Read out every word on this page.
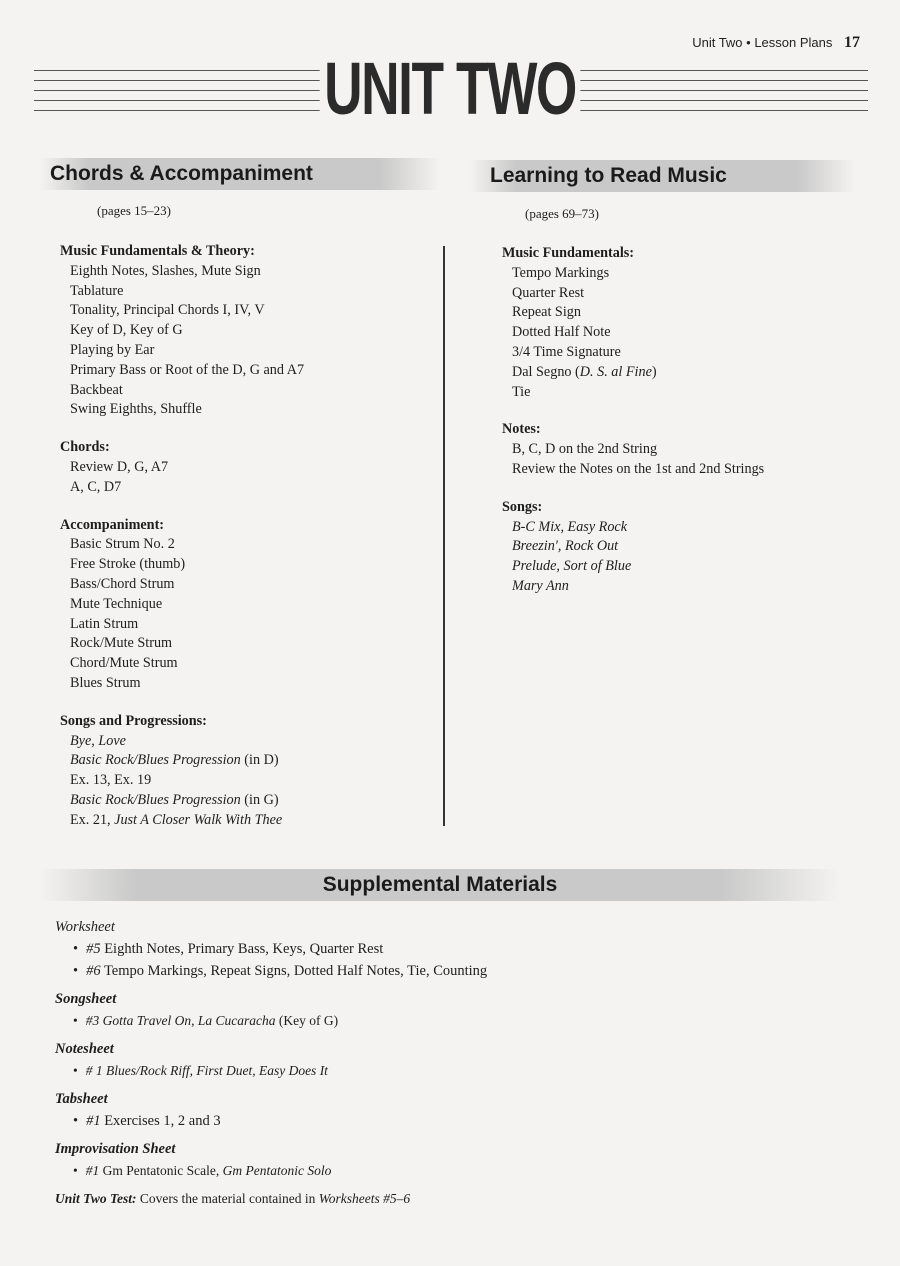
Unit Two • Lesson Plans 17
UNIT TWO
Chords & Accompaniment
(pages 15–23)
Music Fundamentals & Theory:
Eighth Notes, Slashes, Mute Sign
Tablature
Tonality, Principal Chords I, IV, V
Key of D, Key of G
Playing by Ear
Primary Bass or Root of the D, G and A7
Backbeat
Swing Eighths, Shuffle
Chords:
Review D, G, A7
A, C, D7
Accompaniment:
Basic Strum No. 2
Free Stroke (thumb)
Bass/Chord Strum
Mute Technique
Latin Strum
Rock/Mute Strum
Chord/Mute Strum
Blues Strum
Songs and Progressions:
Bye, Love
Basic Rock/Blues Progression (in D)
Ex. 13, Ex. 19
Basic Rock/Blues Progression (in G)
Ex. 21, Just A Closer Walk With Thee
Learning to Read Music
(pages 69–73)
Music Fundamentals:
Tempo Markings
Quarter Rest
Repeat Sign
Dotted Half Note
3/4 Time Signature
Dal Segno (D. S. al Fine)
Tie
Notes:
B, C, D on the 2nd String
Review the Notes on the 1st and 2nd Strings
Songs:
B-C Mix, Easy Rock
Breezin', Rock Out
Prelude, Sort of Blue
Mary Ann
Supplemental Materials
Worksheet
• #5 Eighth Notes, Primary Bass, Keys, Quarter Rest
• #6 Tempo Markings, Repeat Signs, Dotted Half Notes, Tie, Counting
Songsheet
• #3 Gotta Travel On, La Cucaracha (Key of G)
Notesheet
• # 1 Blues/Rock Riff, First Duet, Easy Does It
Tabsheet
• #1 Exercises 1, 2 and 3
Improvisation Sheet
• #1 Gm Pentatonic Scale, Gm Pentatonic Solo
Unit Two Test: Covers the material contained in Worksheets #5–6
